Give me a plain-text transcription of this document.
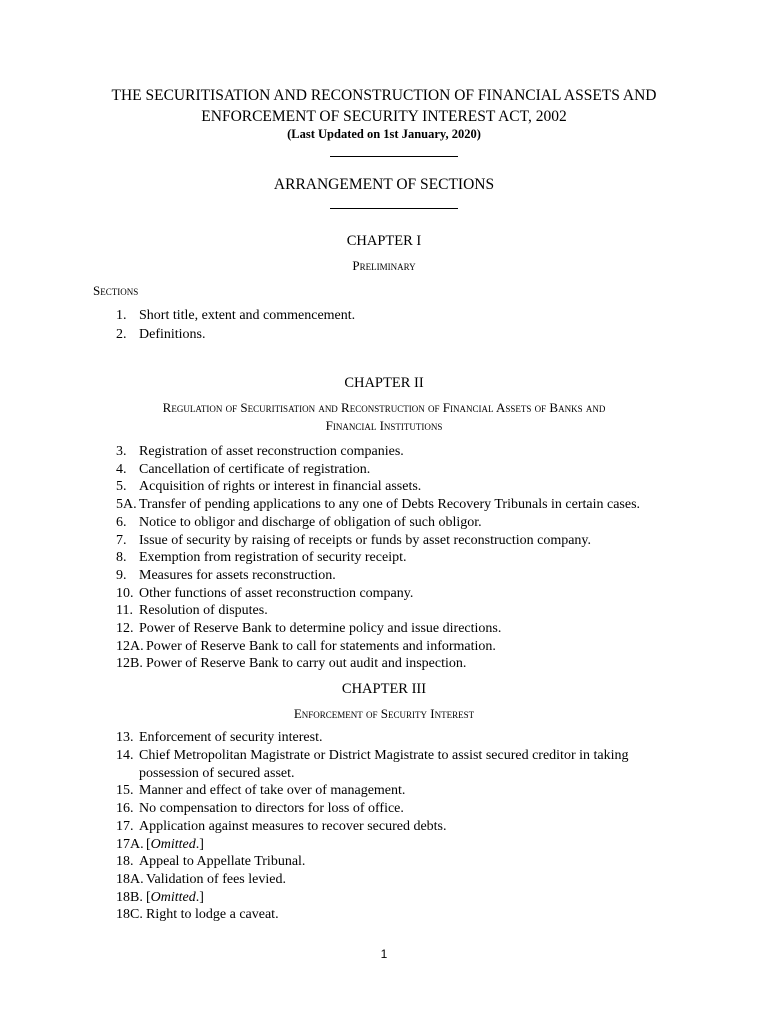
THE SECURITISATION AND RECONSTRUCTION OF FINANCIAL ASSETS AND
ENFORCEMENT OF SECURITY INTEREST ACT, 2002
(Last Updated on 1st January, 2020)
ARRANGEMENT OF SECTIONS
CHAPTER I
Preliminary
Sections
1. Short title, extent and commencement.
2. Definitions.
CHAPTER II
Regulation of Securitisation and Reconstruction of Financial Assets of Banks and
Financial Institutions
3. Registration of asset reconstruction companies.
4. Cancellation of certificate of registration.
5. Acquisition of rights or interest in financial assets.
5A. Transfer of pending applications to any one of Debts Recovery Tribunals in certain cases.
6. Notice to obligor and discharge of obligation of such obligor.
7. Issue of security by raising of receipts or funds by asset reconstruction company.
8. Exemption from registration of security receipt.
9. Measures for assets reconstruction.
10. Other functions of asset reconstruction company.
11. Resolution of disputes.
12. Power of Reserve Bank to determine policy and issue directions.
12A. Power of Reserve Bank to call for statements and information.
12B. Power of Reserve Bank to carry out audit and inspection.
CHAPTER III
Enforcement of Security Interest
13. Enforcement of security interest.
14. Chief Metropolitan Magistrate or District Magistrate to assist secured creditor in taking
possession of secured asset.
15. Manner and effect of take over of management.
16. No compensation to directors for loss of office.
17. Application against measures to recover secured debts.
17A. [Omitted.]
18. Appeal to Appellate Tribunal.
18A. Validation of fees levied.
18B. [Omitted.]
18C. Right to lodge a caveat.
1
